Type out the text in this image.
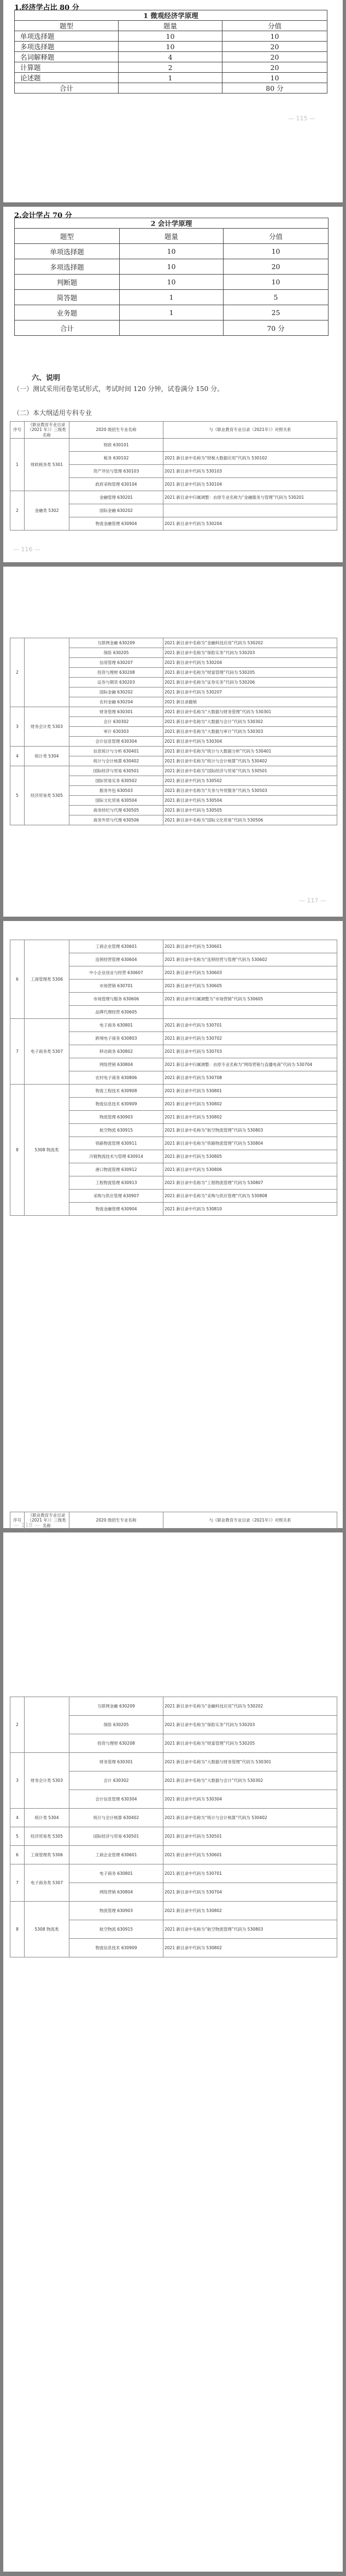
1.经济学占比 80 分
1 微观经济学原理		
题型	题量	分值
单项选择题	10	10
多项选择题	10	20
名词解释题	4	20
计算题	2	20
论述题	1	10
合计		80 分
— 115 —
2.会计学占 70 分
2 会计学原理		
题型	题量	分值
单项选择题	10	10
多项选择题	10	20
判断题	10	10
简答题	1	5
业务题	1	25
合计		70 分
六、说明
（一）测试采用闭卷笔试形式，考试时间 120 分钟，试卷满分 150 分。
（二）本大纲适用专科专业
序号	《职业教育专业目录（2021 年）》三级类名称	2020 级招生专业名称	与《职业教育专业目录（2021年）》对照关系
1	财政税务类 5301	财政 630101	
		税务 630102	2021 新目录中名称为“财税大数据应用”代码为 530102
		资产评估与管理 630103	2021 新目录中代码为 530103
		政府采购管理 630104	2021 新目录中代码为 530104
2	金融类 5302	金融管理 630201	2021 新目录中归属调整：由原专业名称为“金融服务与管理”代码为 530201
		国际金融 630202	
		物流金融管理 630904	2021 新目录中代码为 530204
— 116 —
2		互联网金融 630209	2021 新目录中名称为“金融科技应用”代码为 530202
		保险 630205	2021 新目录中名称为“保险实务”代码为 530203
		信用管理 630207	2021 新目录中代码为 530204
		投资与理财 630208	2021 新目录中名称为“财富管理”代码为 530205
		证券与期货 630203	2021 新目录中名称为“证券实务”代码为 530206
		国际金融 630202	2021 新目录中代码为 530207
		农村金融 630204	2021 新目录撤销
3	财务会计类 5303	财务管理 630301	2021 新目录中名称为“大数据与财务管理”代码为 530301
		会计 630302	2021 新目录中名称为“大数据与会计”代码为 530302
		审计 630303	2021 新目录中名称为“大数据与审计”代码为 530303
		会计信息管理 630304	2021 新目录中代码为 530304
4	统计类 5304	信息统计与分析 630401	2021 新目录中名称为“统计与大数据分析”代码为 530401
		统计与会计核算 630402	2021 新目录中名称为“统计与会计核算”代码为 530402
5	经济贸易类 5305	国际经济与贸易 630501	2021 新目录中名称为“国际经济与贸易”代码为 530501
		国际贸易实务 630502	2021 新目录中代码为 530502
		服务外包 630503	2021 新目录中名称为“关务与外贸服务”代码为 530503
		国际文化贸易 630504	2021 新目录中代码为 530504
		商务经纪与代理 630505	2021 新目录中代码为 530505
		商务外贸与代理 630506	2021 新目录中名称为“国际文化贸易”代码为 530506
— 117 —
6	工商管理类 5306	工商企业管理 630601	2021 新目录中代码为 530601
		连锁经营管理 630604	2021 新目录中名称为“连锁经营与管理”代码为 530602
		中小企业创业与经营 630607	2021 新目录中代码为 530603
		市场营销 630701	2021 新目录中代码为 530605
		市场管理与服务 630606	2021 新目录中归属调整为“市场营销”代码为 530605
		品牌代理经营 630605	
7	电子商务类 5307	电子商务 630801	2021 新目录中代码为 530701
		跨境电子商务 630803	2021 新目录中代码为 530702
		移动商务 630802	2021 新目录中代码为 530703
		网络营销 630804	2021 新目录中归属调整：由原专业名称为“网络营销与直播电商”代码为 530704
		农村电子商务 630806	2021 新目录中代码为 530708
8	5308 物流类	物流工程技术 630908	2021 新目录中代码为 530801
		物流信息技术 630909	2021 新目录中代码为 530802
		物流管理 630903	2021 新目录中代码为 530802
		航空物流 630915	2021 新目录中名称为“航空物流管理”代码为 530803
		铁路物流管理 630911	2021 新目录中名称为“铁路物流管理”代码为 530804
		冷链物流技术与管理 630914	2021 新目录中代码为 530805
		港口物流管理 630912	2021 新目录中代码为 530806
		工程物流管理 630913	2021 新目录中名称为“工程物流管理”代码为 530807
		采购与供应管理 630907	2021 新目录中名称为“采购与供应管理”代码为 530808
		物流金融管理 630904	2021 新目录中代码为 530810
序号	《职业教育专业目录（2021 年）》三级类名称	2020 级招生专业名称	与《职业教育专业目录（2021年）》对照关系

— 118 —
2		互联网金融 630209	2021 新目录中名称为“金融科技应用”代码为 530202
		保险 630205	2021 新目录中名称为“保险实务”代码为 530203
		投资与理财 630208	2021 新目录中名称为“财富管理”代码为 530205
3	财务会计类 5303	财务管理 630301	2021 新目录中名称为“大数据与财务管理”代码为 530301
		会计 630302	2021 新目录中名称为“大数据与会计”代码为 530302
		会计信息管理 630304	2021 新目录中代码为 530304
4	统计类 5304	统计与会计核算 630402	2021 新目录中名称为“统计与会计核算”代码为 530402
5	经济贸易类 5305	国际经济与贸易 630501	2021 新目录中代码为 530501
6	工商管理类 5306	工商企业管理 630601	2021 新目录中代码为 530601
7	电子商务类 5307	电子商务 630801	2021 新目录中代码为 530701
		网络营销 630804	2021 新目录中代码为 530704
8	5308 物流类	物流管理 630903	2021 新目录中代码为 530802
		航空物流 630915	2021 新目录中名称为“航空物流管理”代码为 530803
		物流信息技术 630909	2021 新目录中代码为 530802
